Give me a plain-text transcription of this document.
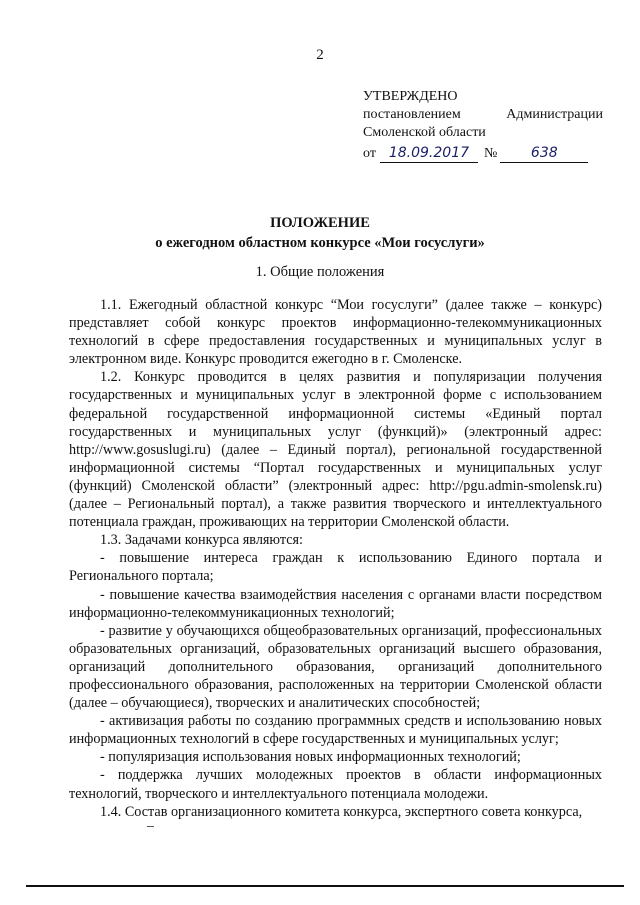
2
УТВЕРЖДЕНО
постановлением	Администрации
Смоленской области
от 18.09.2017	№	638
ПОЛОЖЕНИЕ
о ежегодном областном конкурсе «Мои госуслуги»
1. Общие положения

1.1. Ежегодный областной конкурс “Мои госуслуги” (далее также – конкурс) представляет собой конкурс проектов информационно-телекоммуникационных технологий в сфере предоставления государственных и муниципальных услуг в электронном виде. Конкурс проводится ежегодно в г. Смоленске.

1.2. Конкурс проводится в целях развития и популяризации получения государственных и муниципальных услуг в электронной форме с использованием федеральной государственной информационной системы «Единый портал государственных и муниципальных услуг (функций)» (электронный адрес: http://www.gosuslugi.ru) (далее – Единый портал), региональной государственной информационной системы “Портал государственных и муниципальных услуг (функций) Смоленской области” (электронный адрес: http://pgu.admin-smolensk.ru) (далее – Региональный портал), а также развития творческого и интеллектуального потенциала граждан, проживающих на территории Смоленской области.

1.3. Задачами конкурса являются:

- повышение интереса граждан к использованию Единого портала и Регионального портала;

- повышение качества взаимодействия населения с органами власти посредством информационно-телекоммуникационных технологий;

- развитие у обучающихся общеобразовательных организаций, профессиональных образовательных организаций, образовательных организаций высшего образования, организаций дополнительного образования, организаций дополнительного профессионального образования, расположенных на территории Смоленской области (далее – обучающиеся), творческих и аналитических способностей;

- активизация работы по созданию программных средств и использованию новых информационных технологий в сфере государственных и муниципальных услуг;

- популяризация использования новых информационных технологий;

- поддержка лучших молодежных проектов в области информационных технологий, творческого и интеллектуального потенциала молодежи.

1.4. Состав организационного комитета конкурса, экспертного совета конкурса,
